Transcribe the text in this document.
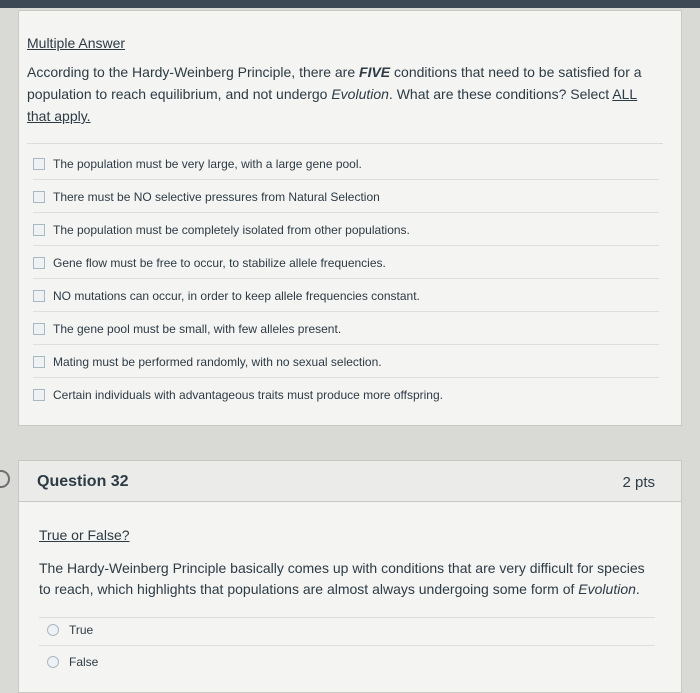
Multiple Answer
According to the Hardy-Weinberg Principle, there are FIVE conditions that need to be satisfied for a population to reach equilibrium, and not undergo Evolution. What are these conditions? Select ALL that apply.
The population must be very large, with a large gene pool.
There must be NO selective pressures from Natural Selection
The population must be completely isolated from other populations.
Gene flow must be free to occur, to stabilize allele frequencies.
NO mutations can occur, in order to keep allele frequencies constant.
The gene pool must be small, with few alleles present.
Mating must be performed randomly, with no sexual selection.
Certain individuals with advantageous traits must produce more offspring.
Question 32	2 pts
True or False?
The Hardy-Weinberg Principle basically comes up with conditions that are very difficult for species to reach, which highlights that populations are almost always undergoing some form of Evolution.
True
False
